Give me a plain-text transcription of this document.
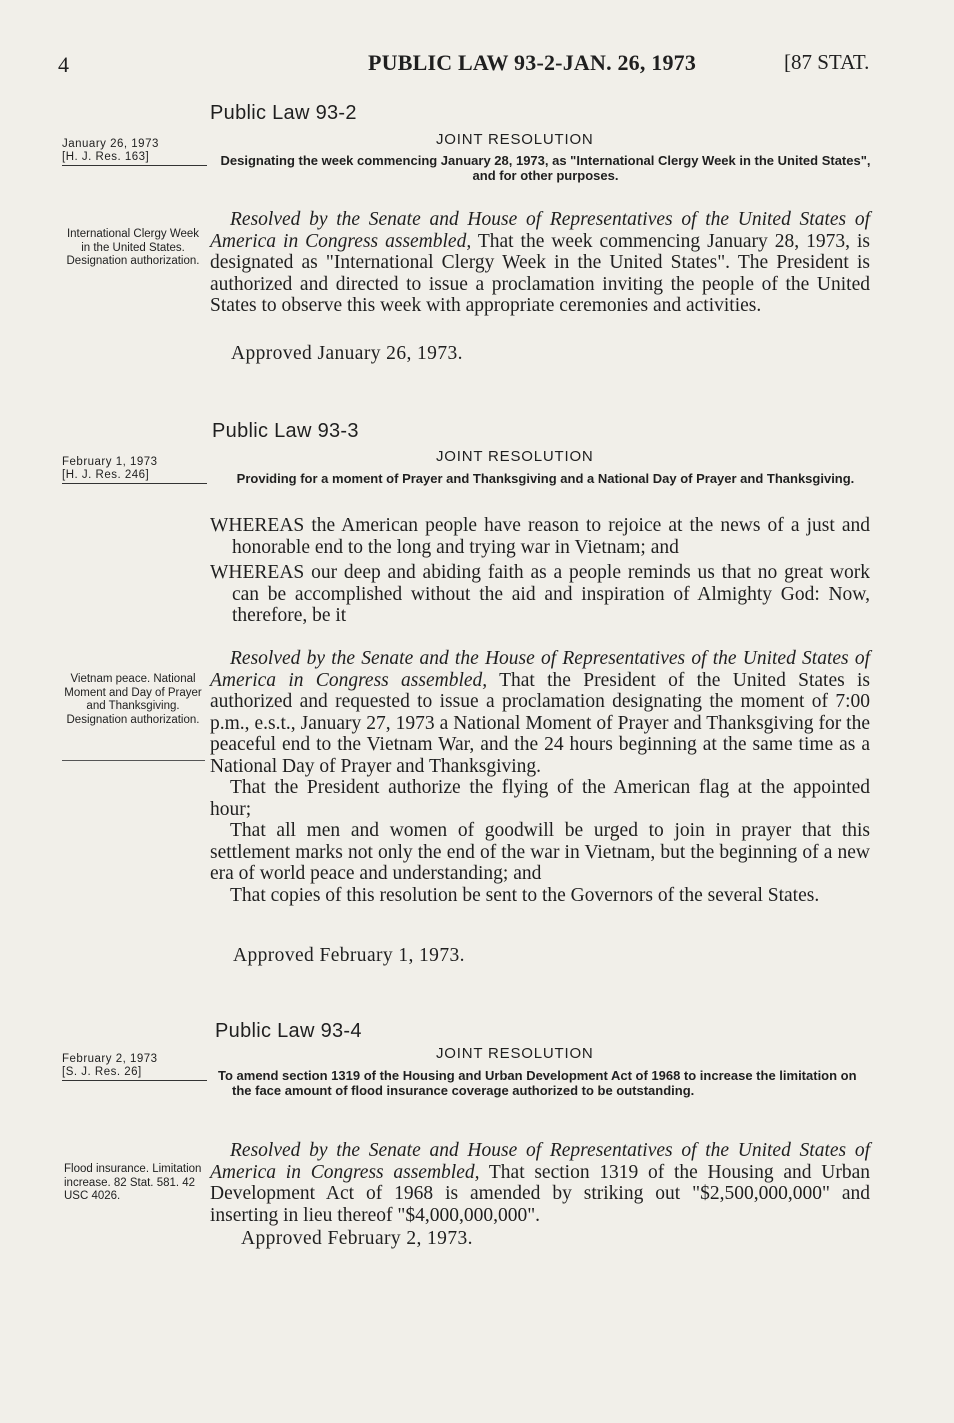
4	PUBLIC LAW 93-2-JAN. 26, 1973	[87 STAT.
Public Law 93-2
January 26, 1973

[H. J. Res. 163]
JOINT RESOLUTION
Designating the week commencing January 28, 1973, as "International Clergy Week in the United States", and for other purposes.
International Clergy Week in the United States. Designation authorization.

Resolved by the Senate and House of Representatives of the United States of America in Congress assembled, That the week commencing January 28, 1973, is designated as "International Clergy Week in the United States". The President is authorized and directed to issue a proclamation inviting the people of the United States to observe this week with appropriate ceremonies and activities.

Approved January 26, 1973.
Public Law 93-3
February 1, 1973

[H. J. Res. 246]
JOINT RESOLUTION
Providing for a moment of Prayer and Thanksgiving and a National Day of Prayer and Thanksgiving.

WHEREAS the American people have reason to rejoice at the news of a just and honorable end to the long and trying war in Vietnam; and

WHEREAS our deep and abiding faith as a people reminds us that no great work can be accomplished without the aid and inspiration of Almighty God: Now, therefore, be it

Vietnam peace. National Moment and Day of Prayer and Thanksgiving. Designation authorization.

Resolved by the Senate and the House of Representatives of the United States of America in Congress assembled, That the President of the United States is authorized and requested to issue a proclamation designating the moment of 7:00 p.m., e.s.t., January 27, 1973 a National Moment of Prayer and Thanksgiving for the peaceful end to the Vietnam War, and the 24 hours beginning at the same time as a National Day of Prayer and Thanksgiving.

That the President authorize the flying of the American flag at the appointed hour;

That all men and women of goodwill be urged to join in prayer that this settlement marks not only the end of the war in Vietnam, but the beginning of a new era of world peace and understanding; and

That copies of this resolution be sent to the Governors of the several States.

Approved February 1, 1973.
Public Law 93-4
February 2, 1973

[S. J. Res. 26]
JOINT RESOLUTION
To amend section 1319 of the Housing and Urban Development Act of 1968 to increase the limitation on the face amount of flood insurance coverage authorized to be outstanding.
Flood insurance. Limitation increase. 82 Stat. 581. 42 USC 4026.

Resolved by the Senate and House of Representatives of the United States of America in Congress assembled, That section 1319 of the Housing and Urban Development Act of 1968 is amended by striking out "$2,500,000,000" and inserting in lieu thereof "$4,000,000,000".

Approved February 2, 1973.
